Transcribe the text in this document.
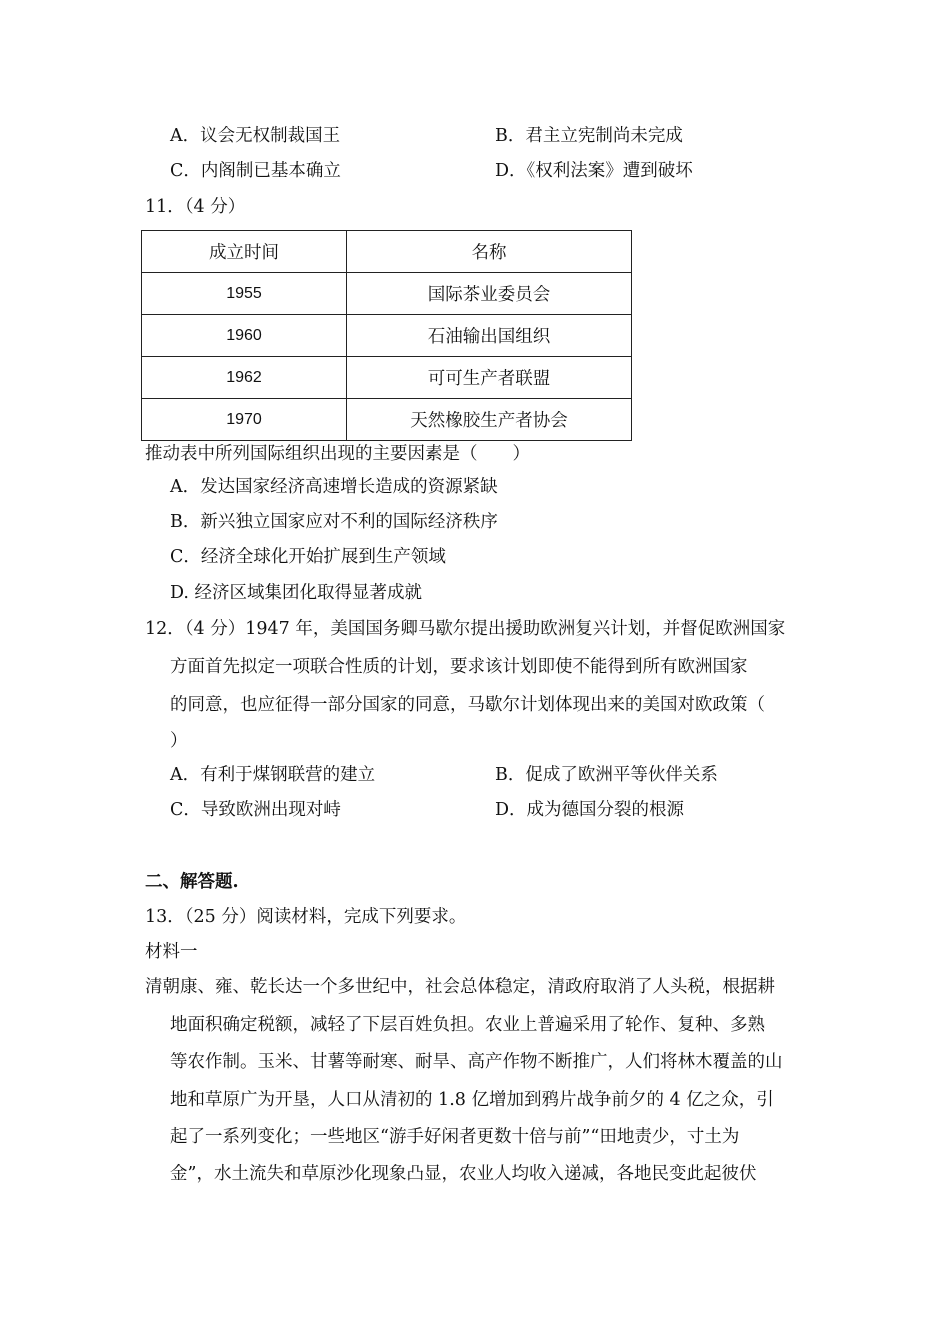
A．议会无权制裁国王	B．君主立宪制尚未完成
C．内阁制已基本确立	D．《权利法案》遭到破坏
11．（4 分）
成立时间	名称
1955	国际茶业委员会
1960	石油输出国组织
1962	可可生产者联盟
1970	天然橡胶生产者协会
推动表中所列国际组织出现的主要因素是（　　）
A．发达国家经济高速增长造成的资源紧缺
B．新兴独立国家应对不利的国际经济秩序
C．经济全球化开始扩展到生产领域
D. 经济区域集团化取得显著成就
12．（4 分）1947 年，美国国务卿马歇尔提出援助欧洲复兴计划，并督促欧洲国家
方面首先拟定一项联合性质的计划，要求该计划即使不能得到所有欧洲国家
的同意，也应征得一部分国家的同意，马歇尔计划体现出来的美国对欧政策（
）
A．有利于煤钢联营的建立	B．促成了欧洲平等伙伴关系
C．导致欧洲出现对峙	D．成为德国分裂的根源
二、解答题.
13．（25 分）阅读材料，完成下列要求。
材料一
清朝康、雍、乾长达一个多世纪中，社会总体稳定，清政府取消了人头税，根据耕
地面积确定税额，减轻了下层百姓负担。农业上普遍采用了轮作、复种、多熟
等农作制。玉米、甘薯等耐寒、耐旱、高产作物不断推广，人们将林木覆盖的山
地和草原广为开垦，人口从清初的 1.8 亿增加到鸦片战争前夕的 4 亿之众，引
起了一系列变化；一些地区“游手好闲者更数十倍与前”“田地责少，寸土为
金”，水土流失和草原沙化现象凸显，农业人均收入递减，各地民变此起彼伏
